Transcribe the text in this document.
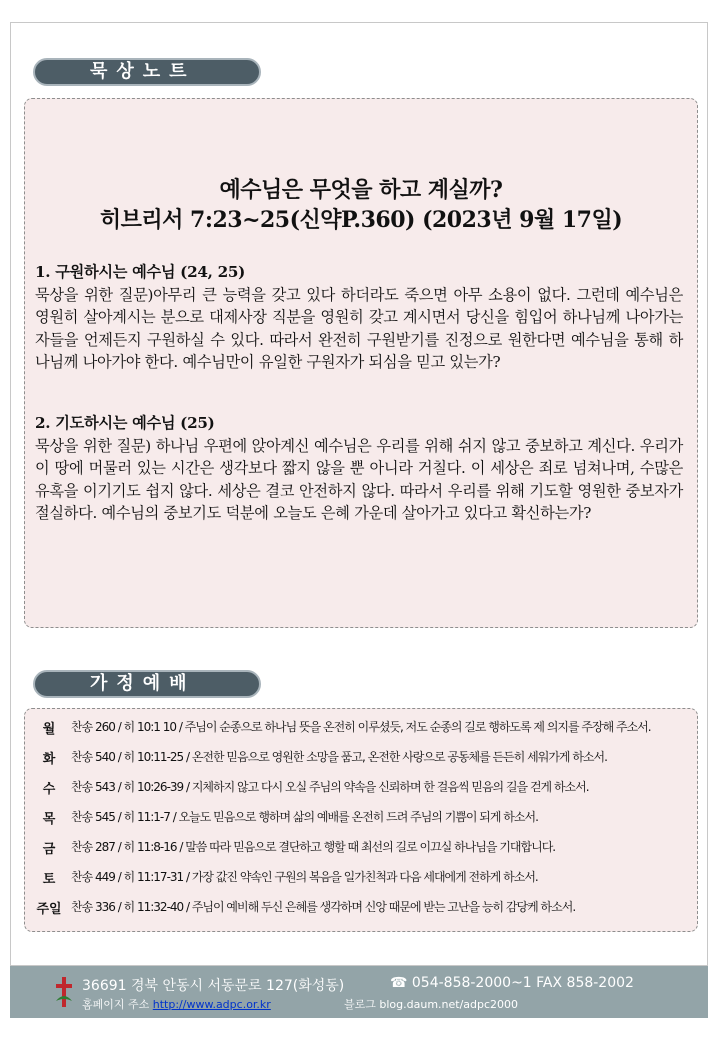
묵상노트
예수님은 무엇을 하고 계실까?
히브리서 7:23~25(신약P.360) (2023년 9월 17일)

1. 구원하시는 예수님 (24, 25)

묵상을 위한 질문)아무리 큰 능력을 갖고 있다 하더라도 죽으면 아무 소용이 없다. 그런데 예수님은 영원히 살아계시는 분으로 대제사장 직분을 영원히 갖고 계시면서 당신을 힘입어 하나님께 나아가는 자들을 언제든지 구원하실 수 있다. 따라서 완전히 구원받기를 진정으로 원한다면 예수님을 통해 하나님께 나아가야 한다. 예수님만이 유일한 구원자가 되심을 믿고 있는가?

2. 기도하시는 예수님 (25)

묵상을 위한 질문) 하나님 우편에 앉아계신 예수님은 우리를 위해 쉬지 않고 중보하고 계신다. 우리가 이 땅에 머물러 있는 시간은 생각보다 짧지 않을 뿐 아니라 거칠다. 이 세상은 죄로 넘쳐나며, 수많은 유혹을 이기기도 쉽지 않다. 세상은 결코 안전하지 않다. 따라서 우리를 위해 기도할 영원한 중보자가 절실하다. 예수님의 중보기도 덕분에 오늘도 은혜 가운데 살아가고 있다고 확신하는가?

가정예배
월	찬송 260 / 히 10:1 10 / 주님이 순종으로 하나님 뜻을 온전히 이루셨듯, 저도 순종의 길로 행하도록 제 의지를 주장해 주소서.
화	찬송 540 / 히 10:11-25 / 온전한 믿음으로 영원한 소망을 품고, 온전한 사랑으로 공동체를 든든히 세워가게 하소서.
수	찬송 543 / 히 10:26-39 / 지체하지 않고 다시 오실 주님의 약속을 신뢰하며 한 걸음씩 믿음의 길을 걷게 하소서.
목	찬송 545 / 히 11:1-7 / 오늘도 믿음으로 행하며 삶의 예배를 온전히 드려 주님의 기쁨이 되게 하소서.
금	찬송 287 / 히 11:8-16 / 말씀 따라 믿음으로 결단하고 행할 때 최선의 길로 이끄실 하나님을 기대합니다.
토	찬송 449 / 히 11:17-31 / 가장 값진 약속인 구원의 복음을 일가친척과 다음 세대에게 전하게 하소서.
주일 찬송 336 / 히 11:32-40 / 주님이 예비해 두신 은혜를 생각하며 신앙 때문에 받는 고난을 능히 감당케 하소서.
36691 경북 안동시 서동문로 127(화성동)	☎ 054-858-2000~1 FAX 858-2002
홈페이지 주소 http://www.adpc.or.kr	블로그 blog.daum.net/adpc2000
